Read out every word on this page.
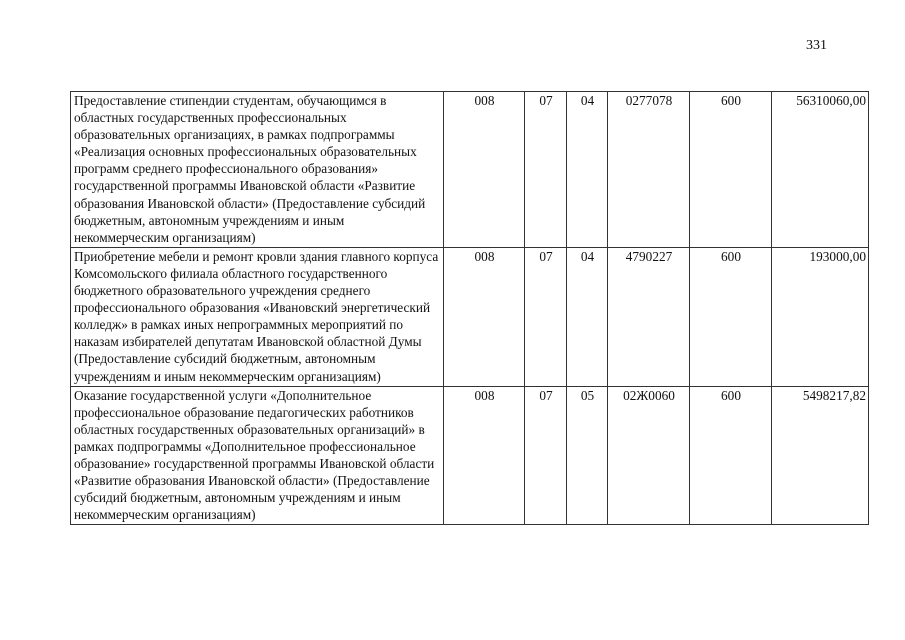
331
Предоставление стипендии студентам, обучающимся в областных государственных профессиональных образовательных организациях, в рамках подпрограммы «Реализация основных профессиональных образовательных программ среднего профессионального образования» государственной программы Ивановской области «Развитие образования Ивановской области» (Предоставление субсидий бюджетным, автономным учреждениям и иным некоммерческим организациям)	008	07	04	0277078	600	56310060,00
Приобретение мебели и ремонт кровли здания главного корпуса Комсомольского филиала областного государственного бюджетного образовательного учреждения среднего профессионального образования «Ивановский энергетический колледж» в рамках иных непрограммных мероприятий по наказам избирателей депутатам Ивановской областной Думы (Предоставление субсидий бюджетным, автономным учреждениям и иным некоммерческим организациям)	008	07	04	4790227	600	193000,00
Оказание государственной услуги «Дополнительное профессиональное образование педагогических работников областных государственных образовательных организаций» в рамках подпрограммы «Дополнительное профессиональное образование» государственной программы Ивановской области «Развитие образования Ивановской области» (Предоставление субсидий бюджетным, автономным учреждениям и иным некоммерческим организациям)	008	07	05	02Ж0060	600	5498217,82
